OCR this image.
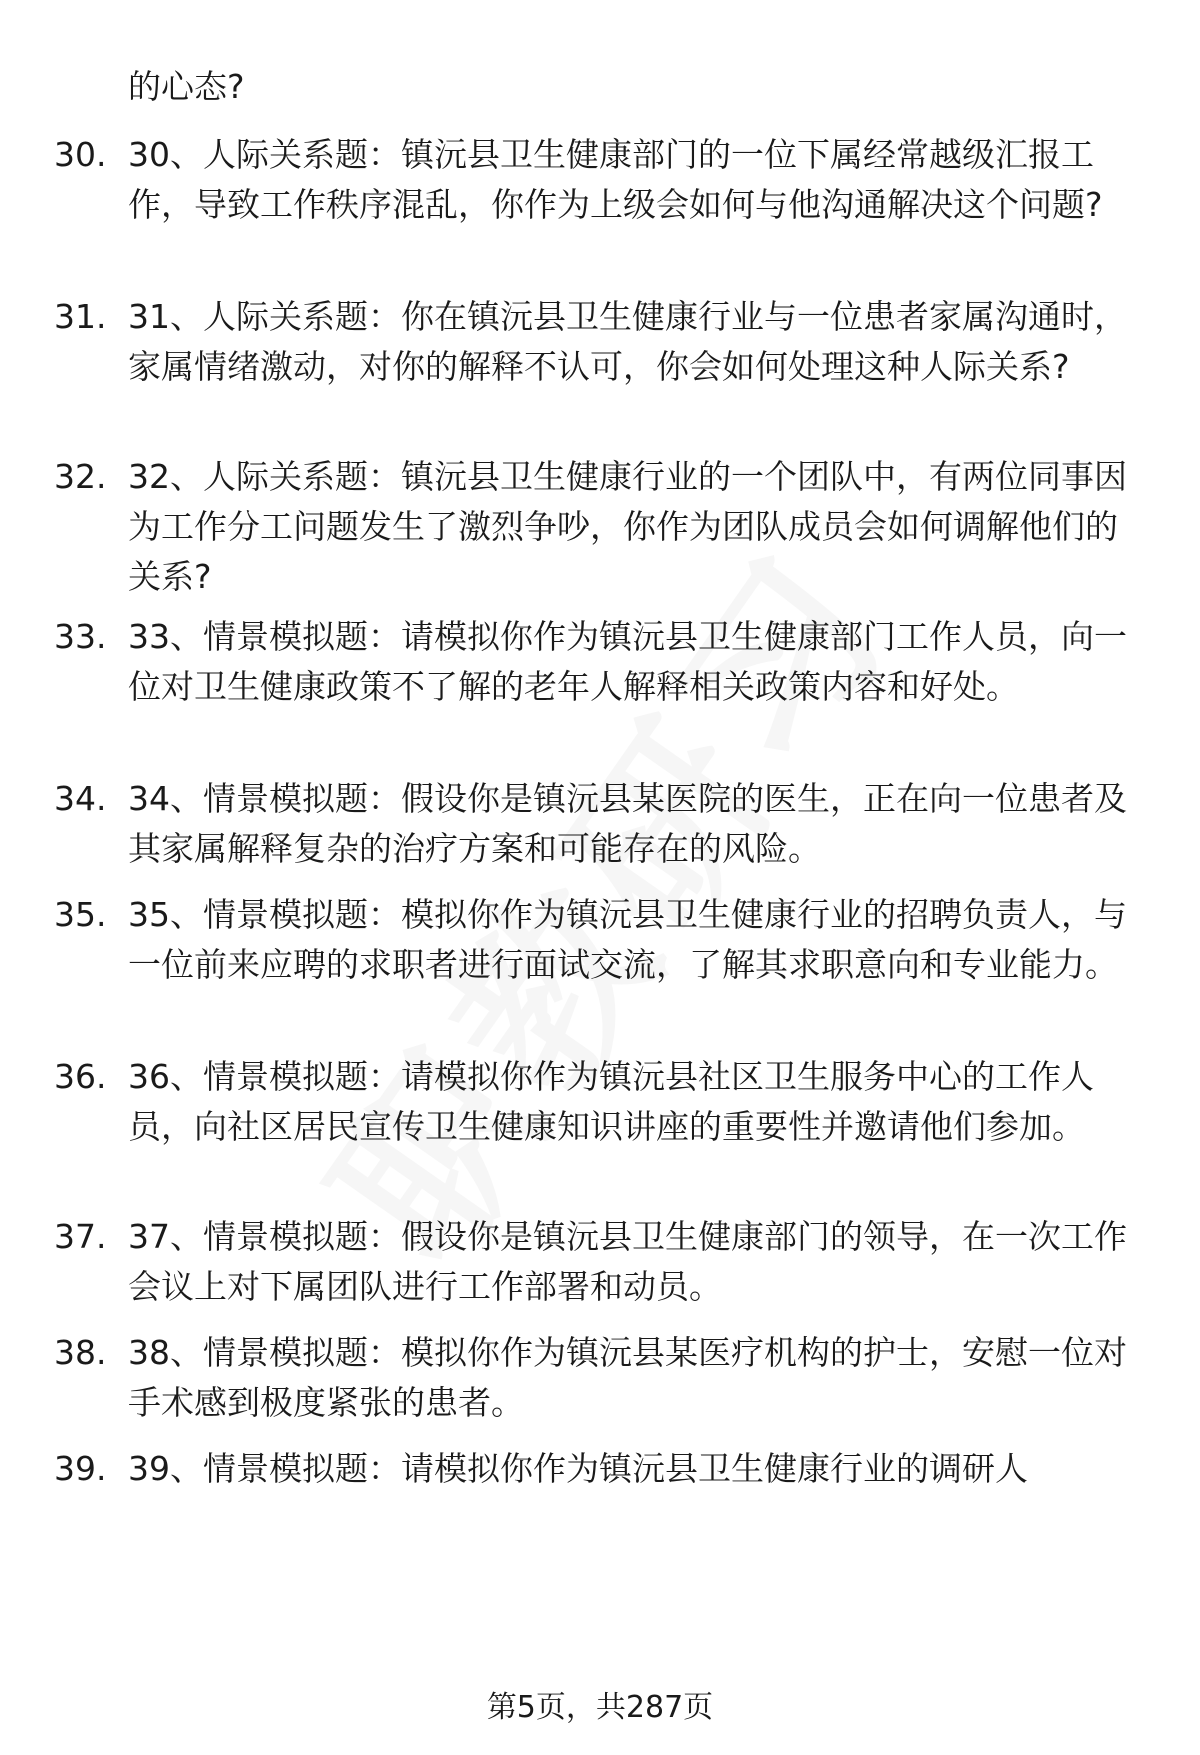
的心态?
30. 30、人际关系题：镇沅县卫生健康部门的一位下属经常越级汇报工作，导致工作秩序混乱，你作为上级会如何与他沟通解决这个问题?
31. 31、人际关系题：你在镇沅县卫生健康行业与一位患者家属沟通时，家属情绪激动，对你的解释不认可，你会如何处理这种人际关系?
32. 32、人际关系题：镇沅县卫生健康行业的一个团队中，有两位同事因为工作分工问题发生了激烈争吵，你作为团队成员会如何调解他们的关系?
33. 33、情景模拟题：请模拟你作为镇沅县卫生健康部门工作人员，向一位对卫生健康政策不了解的老年人解释相关政策内容和好处。
34. 34、情景模拟题：假设你是镇沅县某医院的医生，正在向一位患者及其家属解释复杂的治疗方案和可能存在的风险。
35. 35、情景模拟题：模拟你作为镇沅县卫生健康行业的招聘负责人，与一位前来应聘的求职者进行面试交流，了解其求职意向和专业能力。
36. 36、情景模拟题：请模拟你作为镇沅县社区卫生服务中心的工作人员，向社区居民宣传卫生健康知识讲座的重要性并邀请他们参加。
37. 37、情景模拟题：假设你是镇沅县卫生健康部门的领导，在一次工作会议上对下属团队进行工作部署和动员。
38. 38、情景模拟题：模拟你作为镇沅县某医疗机构的护士，安慰一位对手术感到极度紧张的患者。
39. 39、情景模拟题：请模拟你作为镇沅县卫生健康行业的调研人
第5页，共287页
